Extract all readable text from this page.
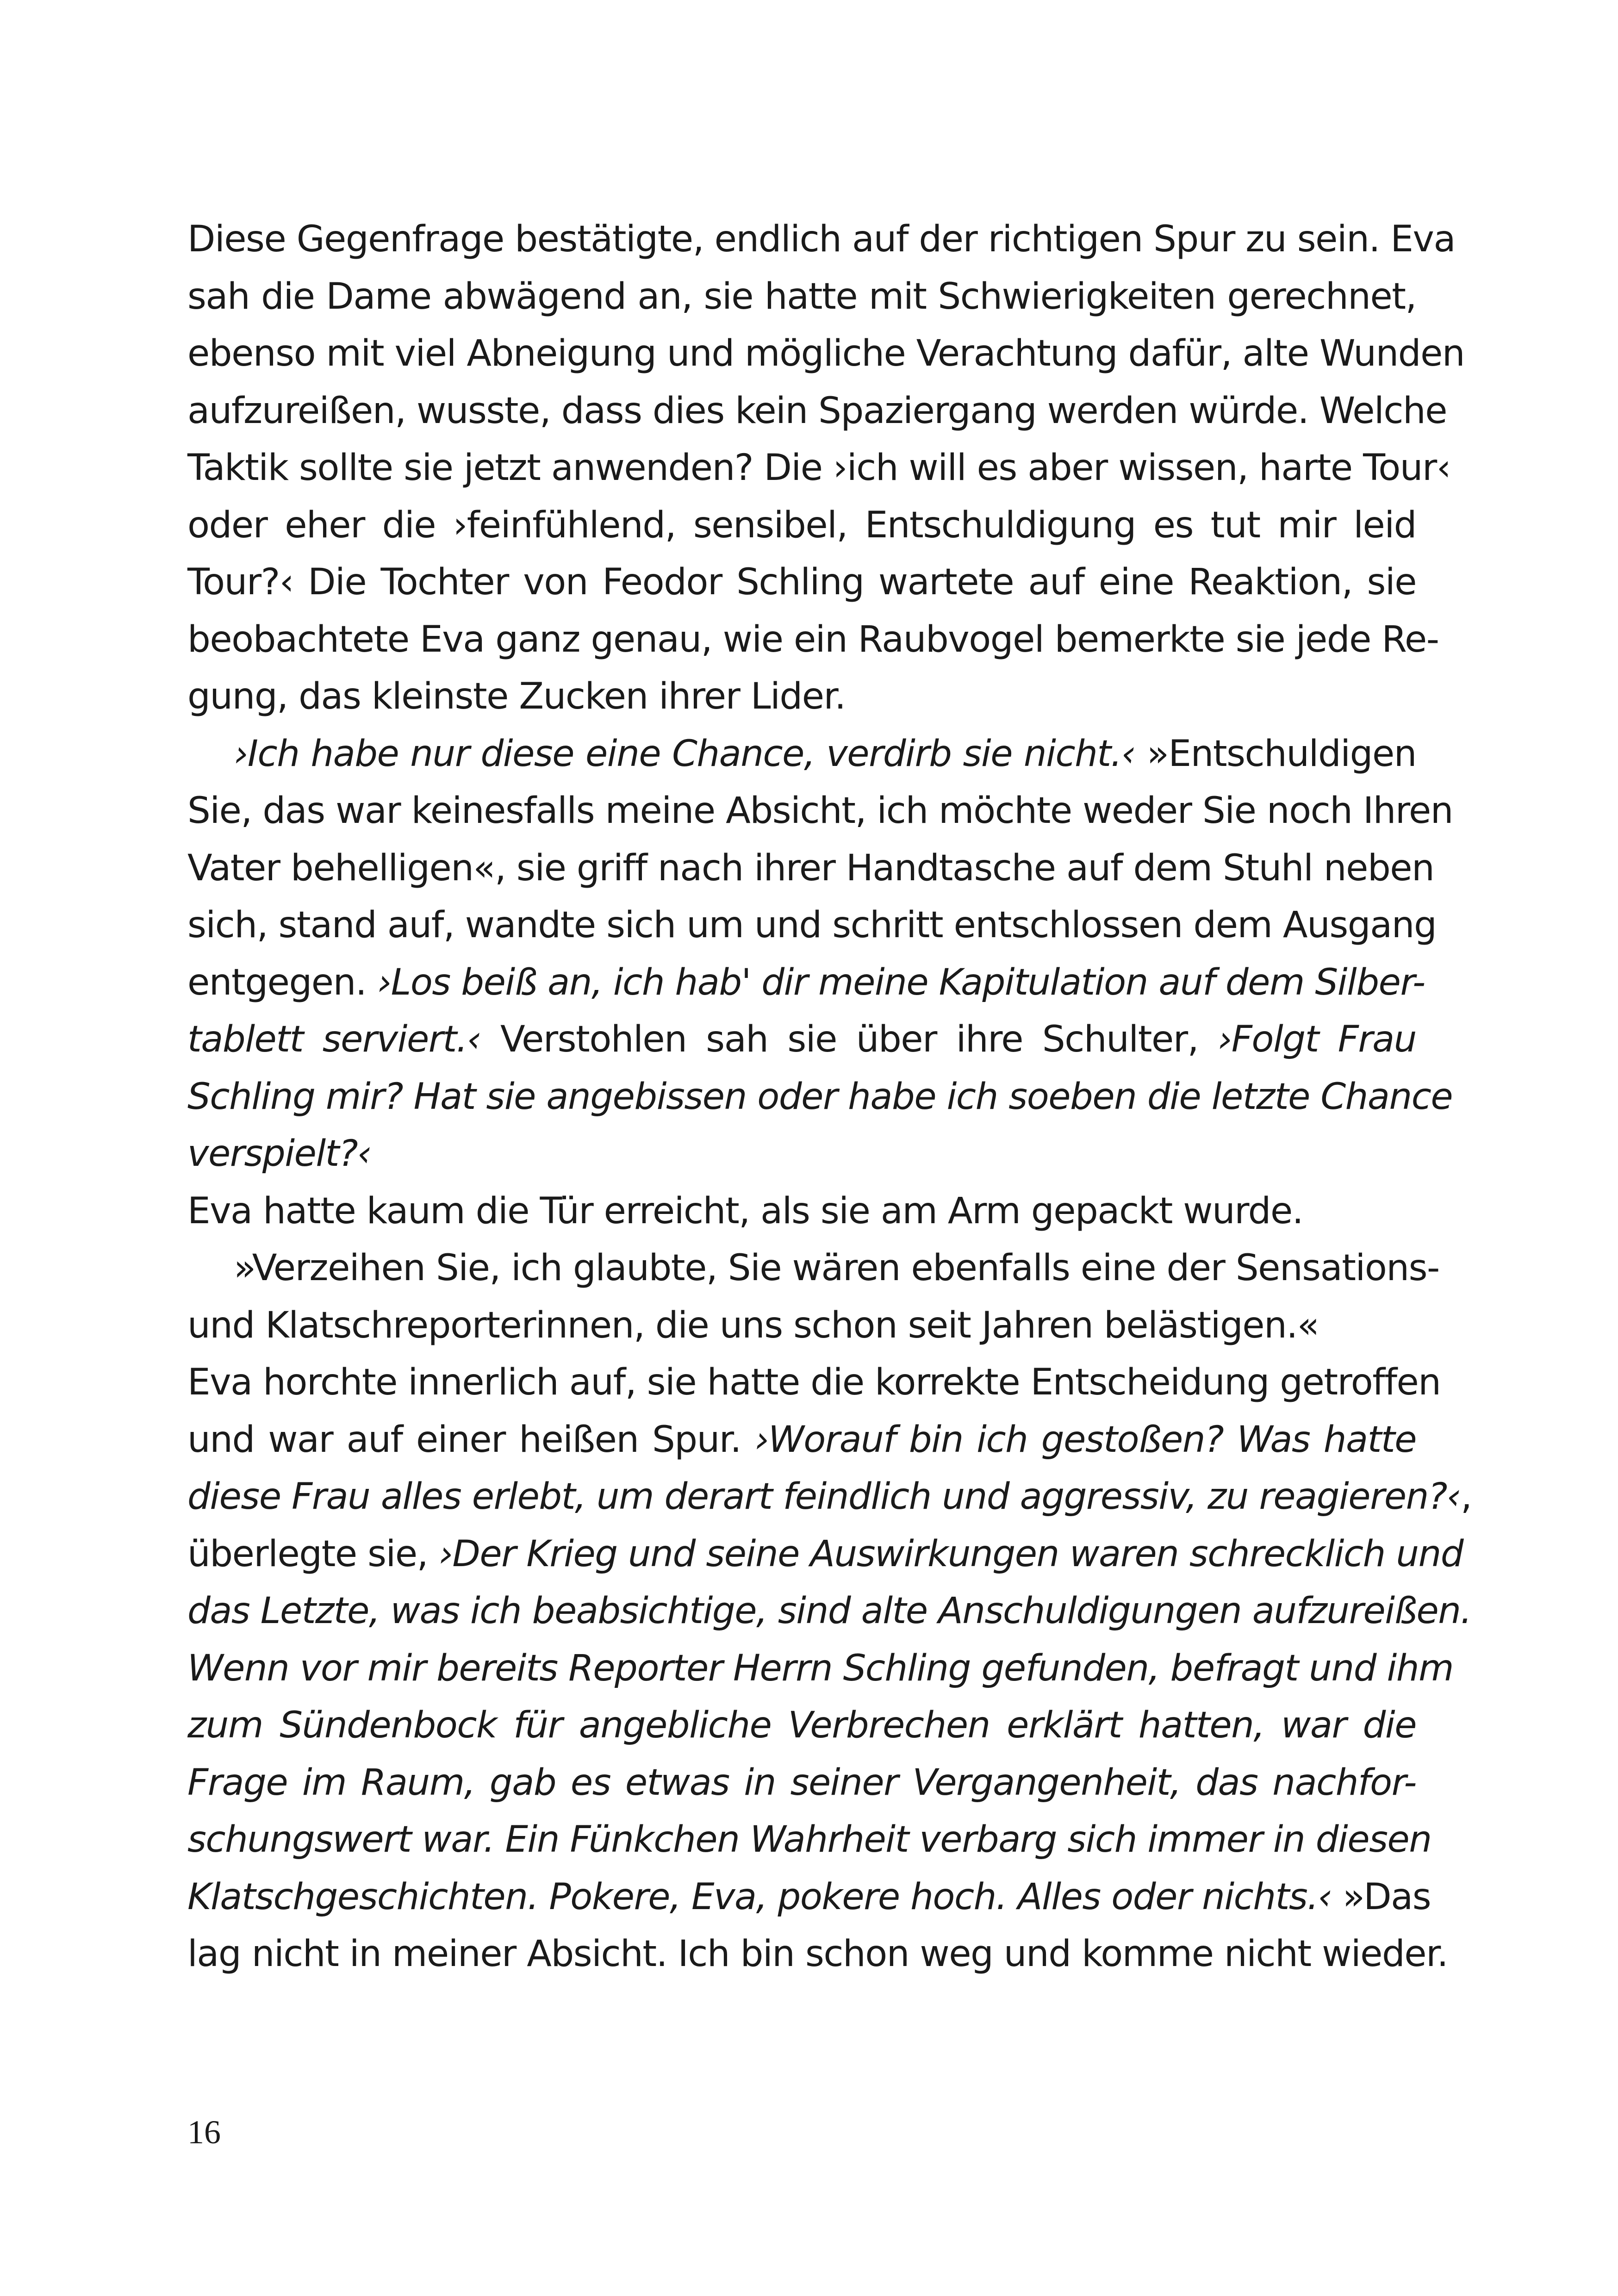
Diese Gegenfrage bestätigte, endlich auf der richtigen Spur zu sein. Eva
sah die Dame abwägend an, sie hatte mit Schwierigkeiten gerechnet,
ebenso mit viel Abneigung und mögliche Verachtung dafür, alte Wunden
aufzureißen, wusste, dass dies kein Spaziergang werden würde. Welche
Taktik sollte sie jetzt anwenden? Die ›ich will es aber wissen, harte Tour‹
oder eher die ›feinfühlend, sensibel, Entschuldigung es tut mir leid
Tour?‹ Die Tochter von Feodor Schling wartete auf eine Reaktion, sie
beobachtete Eva ganz genau, wie ein Raubvogel bemerkte sie jede Re-
gung, das kleinste Zucken ihrer Lider.
›Ich habe nur diese eine Chance, verdirb sie nicht.‹ »Entschuldigen
Sie, das war keinesfalls meine Absicht, ich möchte weder Sie noch Ihren
Vater behelligen«, sie griff nach ihrer Handtasche auf dem Stuhl neben
sich, stand auf, wandte sich um und schritt entschlossen dem Ausgang
entgegen. ›Los beiß an, ich hab' dir meine Kapitulation auf dem Silber-
tablett serviert.‹ Verstohlen sah sie über ihre Schulter, ›Folgt Frau
Schling mir? Hat sie angebissen oder habe ich soeben die letzte Chance
verspielt?‹
Eva hatte kaum die Tür erreicht, als sie am Arm gepackt wurde.
»Verzeihen Sie, ich glaubte, Sie wären ebenfalls eine der Sensations-
und Klatschreporterinnen, die uns schon seit Jahren belästigen.«
Eva horchte innerlich auf, sie hatte die korrekte Entscheidung getroffen
und war auf einer heißen Spur. ›Worauf bin ich gestoßen? Was hatte
diese Frau alles erlebt, um derart feindlich und aggressiv, zu reagieren?‹,
überlegte sie, ›Der Krieg und seine Auswirkungen waren schrecklich und
das Letzte, was ich beabsichtige, sind alte Anschuldigungen aufzureißen.
Wenn vor mir bereits Reporter Herrn Schling gefunden, befragt und ihm
zum Sündenbock für angebliche Verbrechen erklärt hatten, war die
Frage im Raum, gab es etwas in seiner Vergangenheit, das nachfor-
schungswert war. Ein Fünkchen Wahrheit verbarg sich immer in diesen
Klatschgeschichten. Pokere, Eva, pokere hoch. Alles oder nichts.‹ »Das
lag nicht in meiner Absicht. Ich bin schon weg und komme nicht wieder.
16
